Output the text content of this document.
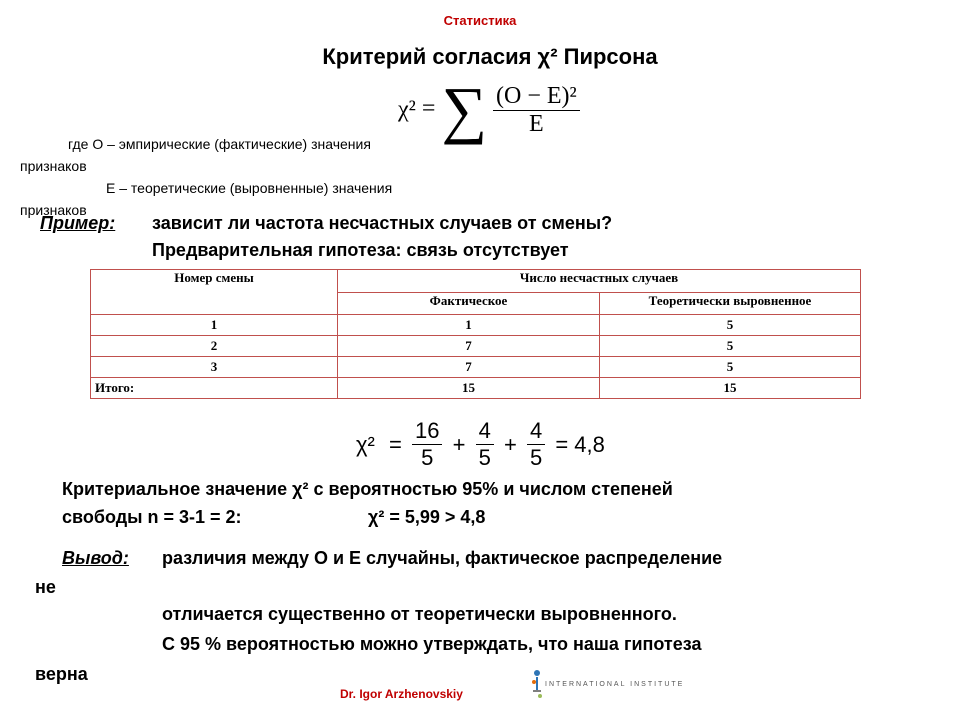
Статистика
Критерий согласия χ² Пирсона
χ² = ∑ $\frac{\text{(O − E)²}}{E}$
где O – эмпирические (фактические) значения
признаков
E – теоретические (выровненные) значения
признаков
Пример: зависит ли частота несчастных случаев от смены?
Предварительная гипотеза: связь отсутствует
Номер смены	Число несчастных случаев	
	Фактическое	Теоретически выровненное
1	1	5
2	7	5
3	7	5
Итого:	15	15
$\chi^2 = \frac{16}{5} + \frac{4}{5} + \frac{4}{5} = 4,8$
Критериальное значение χ² с вероятностью 95% и числом степеней
свободы n = 3-1 = 2:	χ² = 5,99 > 4,8
Вывод: различия между O и E случайны, фактическое распределение
не
отличается существенно от теоретически выровненного.
С 95 % вероятностью можно утверждать, что наша гипотеза
верна
Dr. Igor Arzhenovskiy
INTERNATIONAL INSTITUTE
